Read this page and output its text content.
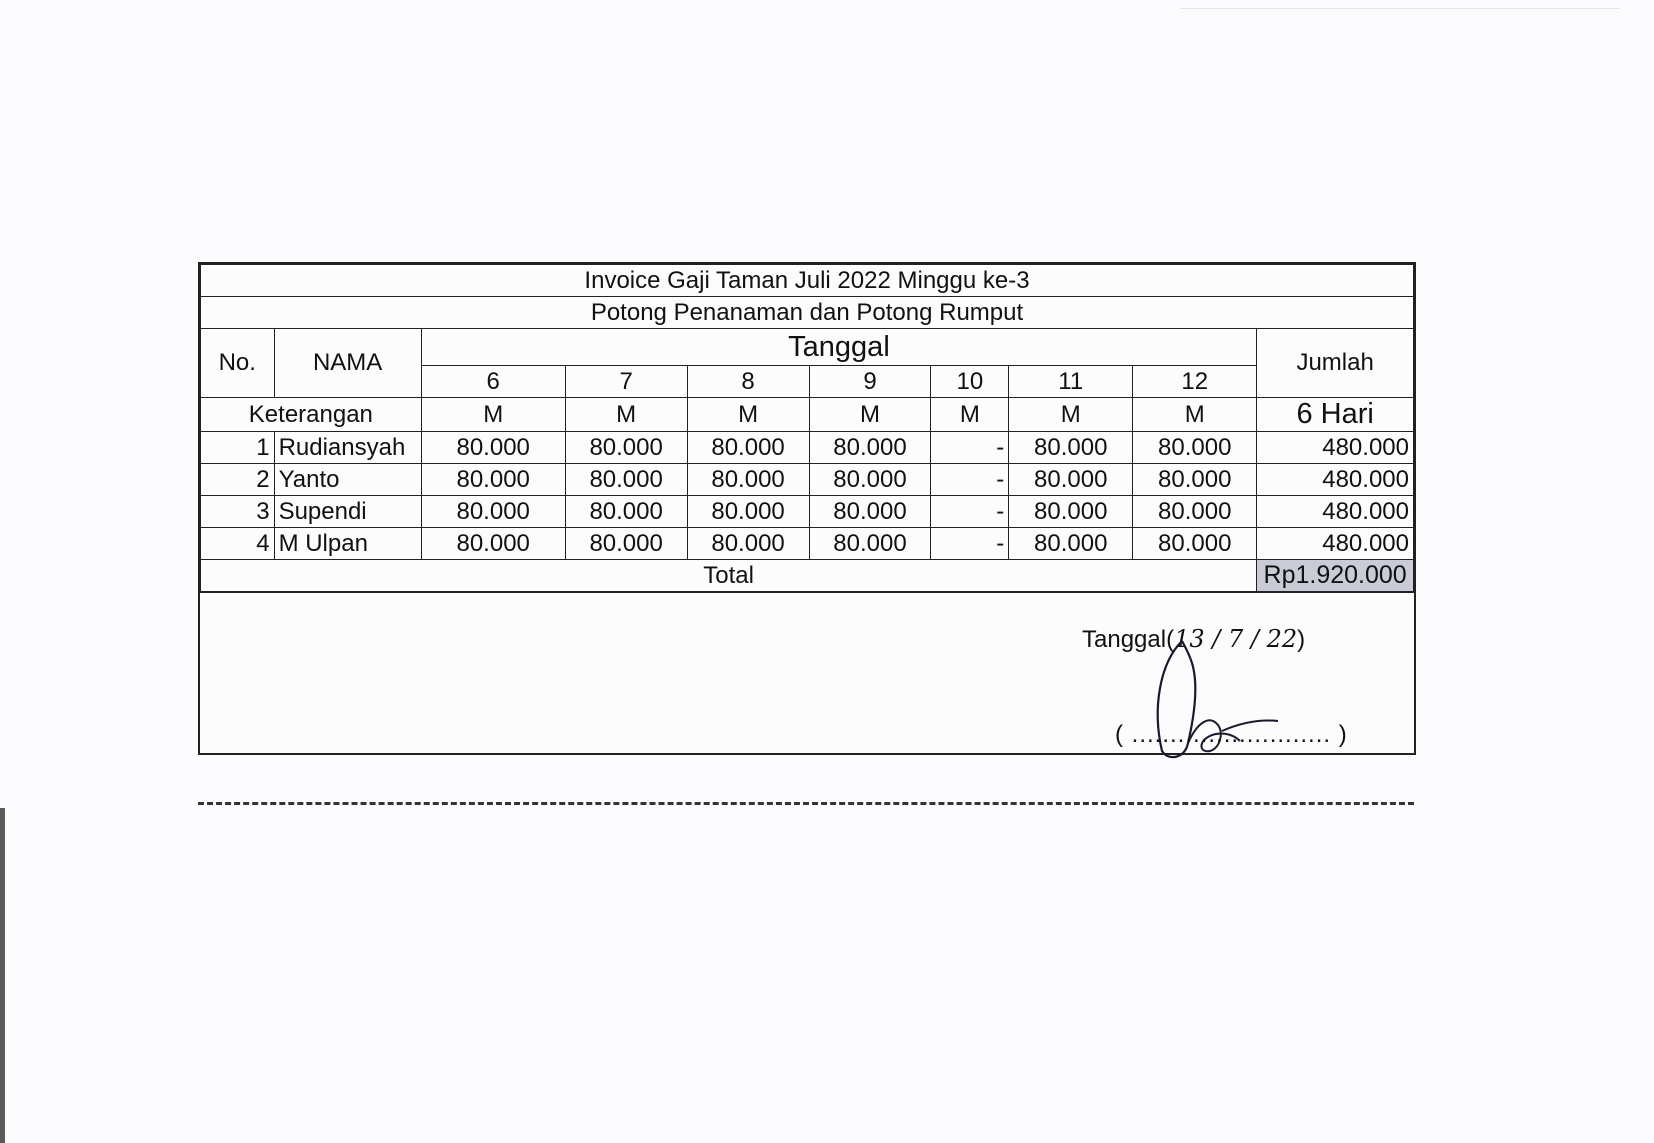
Invoice Gaji Taman Juli 2022 Minggu ke-3									
Potong Penanaman dan Potong Rumput									
No.	NAMA	Tanggal							Jumlah
		6	7	8	9	10	11	12	
Keterangan		M	M	M	M	M	M	M	6 Hari
1	Rudiansyah	80.000	80.000	80.000	80.000	-	80.000	80.000	480.000
2	Yanto	80.000	80.000	80.000	80.000	-	80.000	80.000	480.000
3	Supendi	80.000	80.000	80.000	80.000	-	80.000	80.000	480.000
4	M Ulpan	80.000	80.000	80.000	80.000	-	80.000	80.000	480.000
Total									Rp1.920.000
Tanggal(13 / 7 / 22)
( .......................... )
